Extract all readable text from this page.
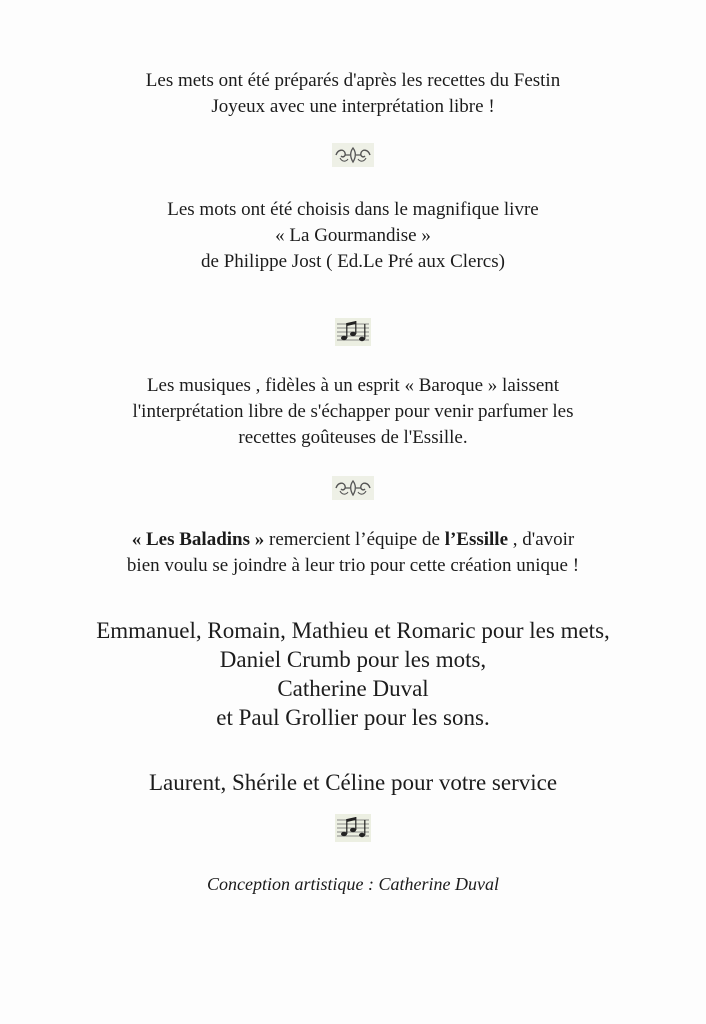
Les mets ont été préparés d'après les recettes du Festin
Joyeux avec une interprétation libre !
Les mots ont été choisis dans le magnifique livre
« La Gourmandise »
de Philippe Jost ( Ed.Le Pré aux Clercs)
Les musiques , fidèles à un esprit « Baroque » laissent
l'interprétation libre de s'échapper pour venir parfumer les
recettes goûteuses de l'Essille.
« Les Baladins » remercient l’équipe de l’Essille , d'avoir
bien voulu se joindre à leur trio pour cette création unique !
Emmanuel, Romain, Mathieu et Romaric pour les mets,
Daniel Crumb pour les mots,
Catherine Duval
et Paul Grollier pour les sons.
Laurent, Shérile et Céline pour votre service
Conception artistique : Catherine Duval
